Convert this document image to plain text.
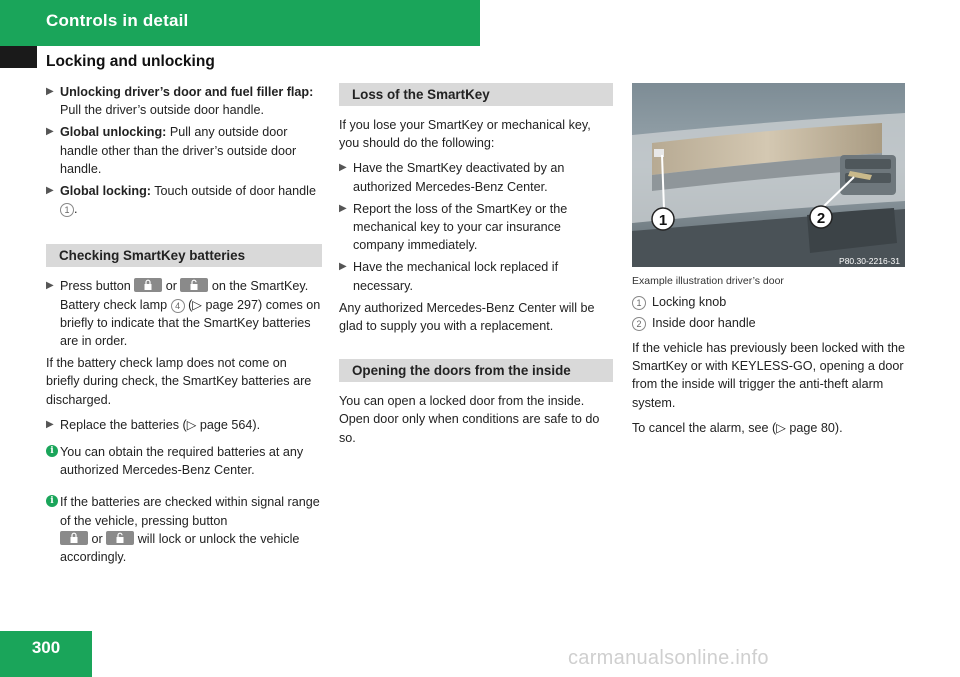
Controls in detail
Locking and unlocking
▶ Unlocking driver’s door and fuel filler flap: Pull the driver’s outside door handle.
▶ Global unlocking: Pull any outside door handle other than the driver’s outside door handle.
▶ Global locking: Touch outside of door handle 1 .
Checking SmartKey batteries
▶ Press button
or
on the SmartKey.
Battery check lamp 4 (▷ page 297) comes on briefly to indicate that the SmartKey batteries are in order.

If the battery check lamp does not come on briefly during check, the SmartKey batteries are discharged.

▶ Replace the batteries (▷ page 564).
i You can obtain the required batteries at any authorized Mercedes-Benz Center.
i If the batteries are checked within signal range of the vehicle, pressing button

or
will lock or unlock the vehicle accordingly.
Loss of the SmartKey

If you lose your SmartKey or mechanical key, you should do the following:

▶ Have the SmartKey deactivated by an authorized Mercedes-Benz Center.
▶ Report the loss of the SmartKey or the mechanical key to your car insurance company immediately.
▶ Have the mechanical lock replaced if necessary.

Any authorized Mercedes-Benz Center will be glad to supply you with a replacement.

Opening the doors from the inside

You can open a locked door from the inside. Open door only when conditions are safe to do so.

1	2
P80.30-2216-31
Example illustration driver’s door
1 Locking knob
2 Inside door handle

If the vehicle has previously been locked with the SmartKey or with KEYLESS-GO, opening a door from the inside will trigger the anti-theft alarm system.

To cancel the alarm, see (▷ page 80).

300	carmanualsonline.info
